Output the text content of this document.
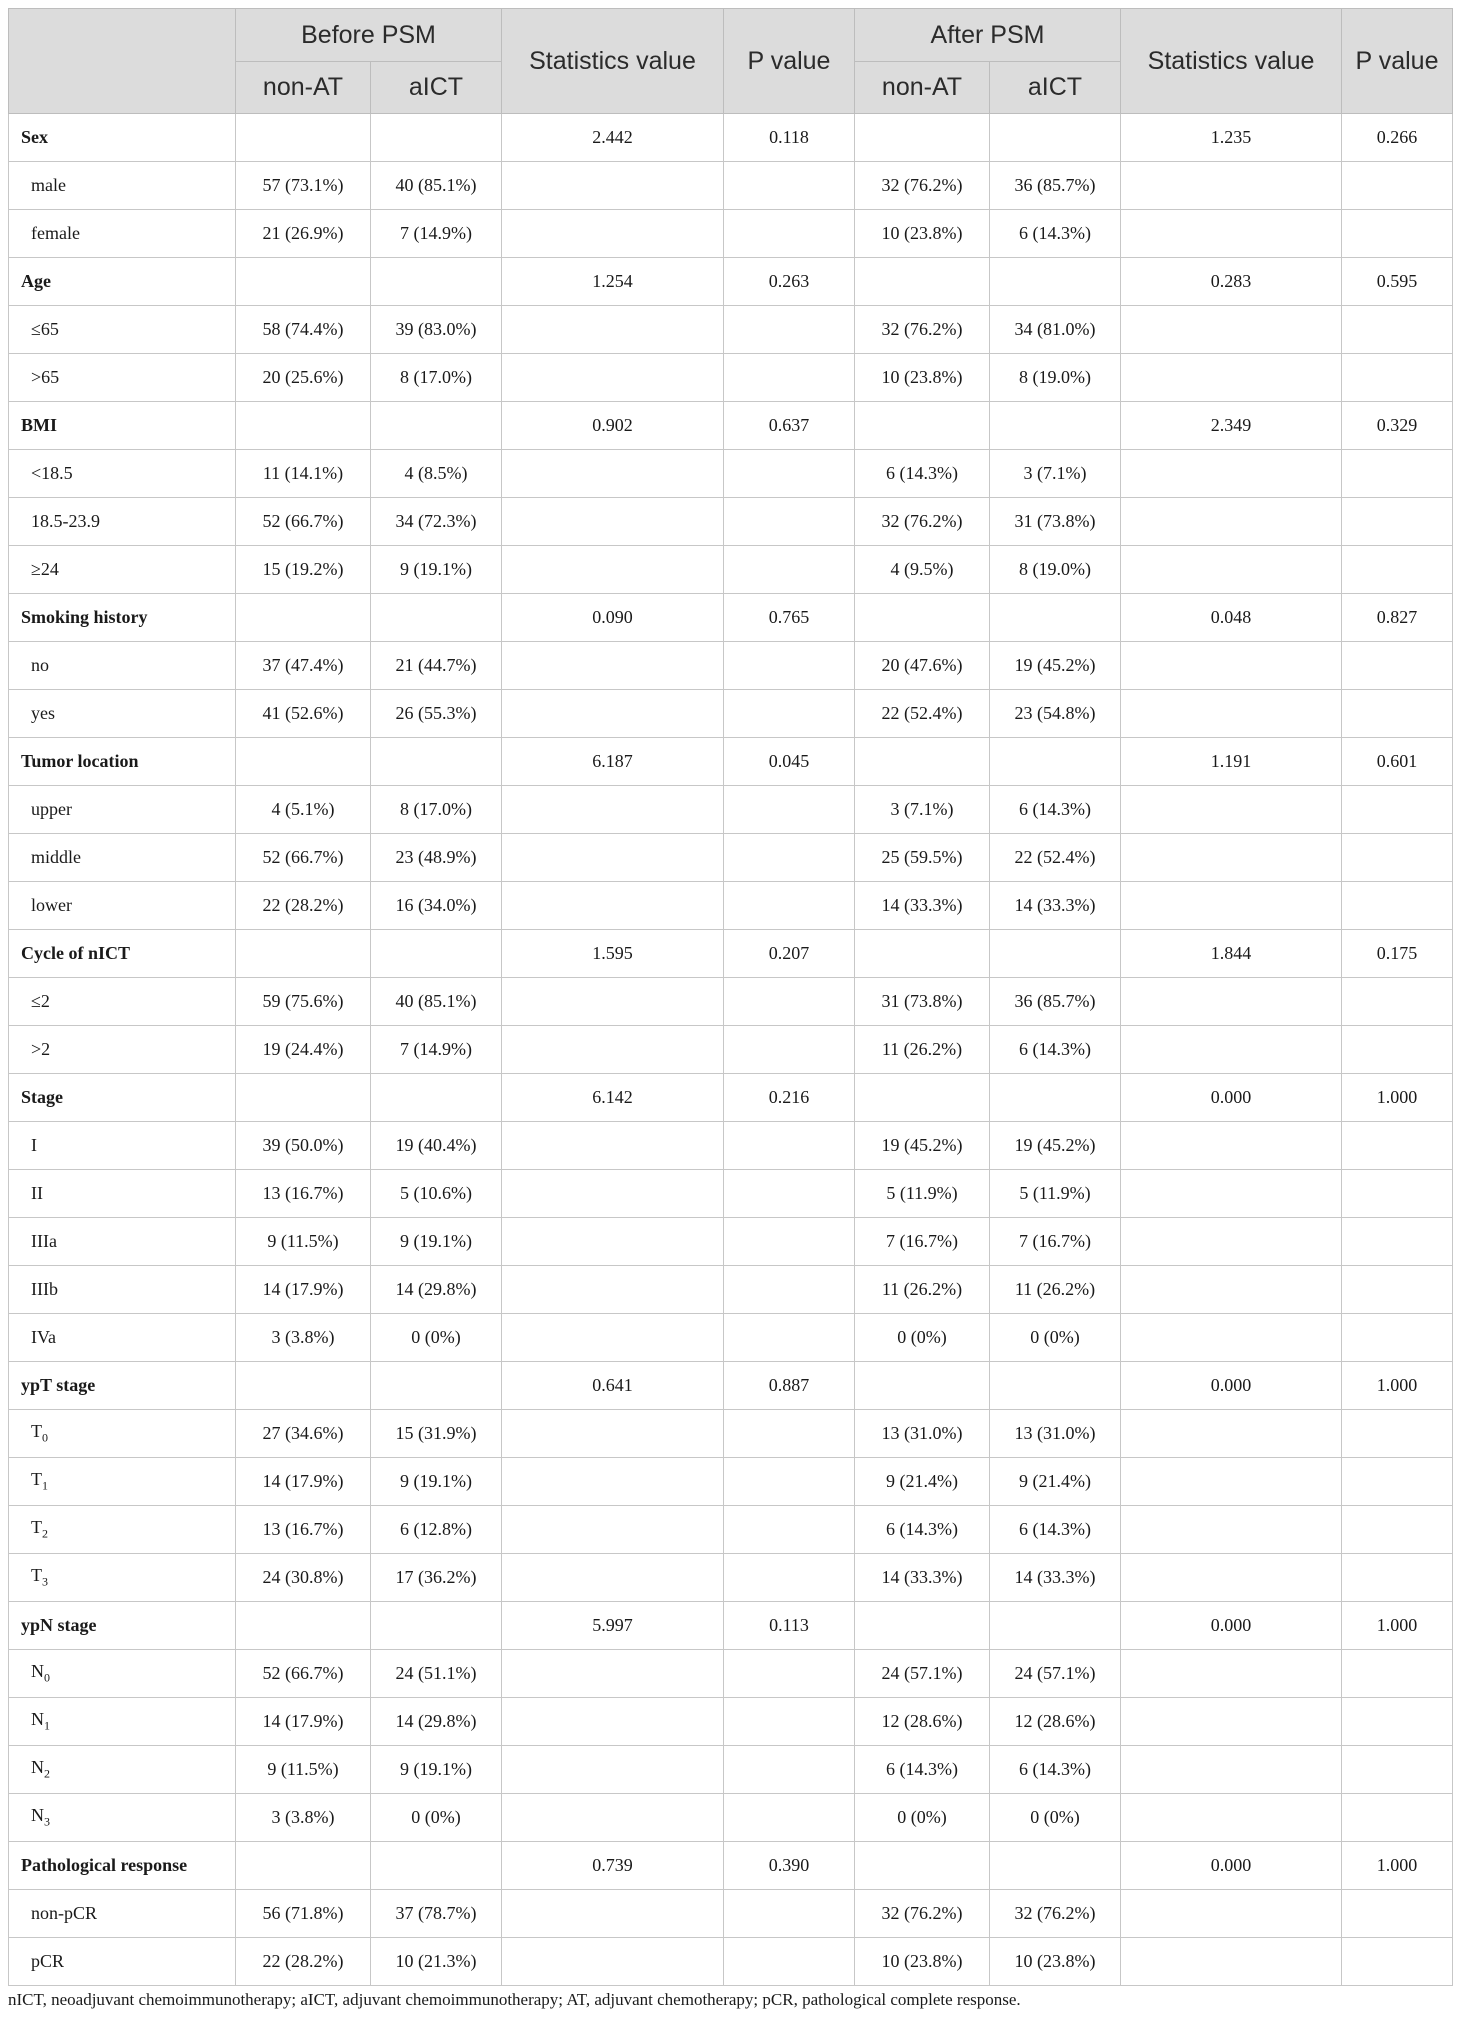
	Before PSM		Statistics value	P value	After PSM		Statistics value	P value
	non-AT	aICT			non-AT	aICT		
Sex			2.442	0.118			1.235	0.266
male	57 (73.1%)	40 (85.1%)			32 (76.2%)	36 (85.7%)		
female	21 (26.9%)	7 (14.9%)			10 (23.8%)	6 (14.3%)		
Age			1.254	0.263			0.283	0.595
≤65	58 (74.4%)	39 (83.0%)			32 (76.2%)	34 (81.0%)		
>65	20 (25.6%)	8 (17.0%)			10 (23.8%)	8 (19.0%)		
BMI			0.902	0.637			2.349	0.329
<18.5	11 (14.1%)	4 (8.5%)			6 (14.3%)	3 (7.1%)		
18.5-23.9	52 (66.7%)	34 (72.3%)			32 (76.2%)	31 (73.8%)		
≥24	15 (19.2%)	9 (19.1%)			4 (9.5%)	8 (19.0%)		
Smoking history			0.090	0.765			0.048	0.827
no	37 (47.4%)	21 (44.7%)			20 (47.6%)	19 (45.2%)		
yes	41 (52.6%)	26 (55.3%)			22 (52.4%)	23 (54.8%)		
Tumor location			6.187	0.045			1.191	0.601
upper	4 (5.1%)	8 (17.0%)			3 (7.1%)	6 (14.3%)		
middle	52 (66.7%)	23 (48.9%)			25 (59.5%)	22 (52.4%)		
lower	22 (28.2%)	16 (34.0%)			14 (33.3%)	14 (33.3%)		
Cycle of nICT			1.595	0.207			1.844	0.175
≤2	59 (75.6%)	40 (85.1%)			31 (73.8%)	36 (85.7%)		
>2	19 (24.4%)	7 (14.9%)			11 (26.2%)	6 (14.3%)		
Stage			6.142	0.216			0.000	1.000
I	39 (50.0%)	19 (40.4%)			19 (45.2%)	19 (45.2%)		
II	13 (16.7%)	5 (10.6%)			5 (11.9%)	5 (11.9%)		
IIIa	9 (11.5%)	9 (19.1%)			7 (16.7%)	7 (16.7%)		
IIIb	14 (17.9%)	14 (29.8%)			11 (26.2%)	11 (26.2%)		
IVa	3 (3.8%)	0 (0%)			0 (0%)	0 (0%)		
ypT stage			0.641	0.887			0.000	1.000
$T_0$	27 (34.6%)	15 (31.9%)			13 (31.0%)	13 (31.0%)		
$T_1$	14 (17.9%)	9 (19.1%)			9 (21.4%)	9 (21.4%)		
$T_2$	13 (16.7%)	6 (12.8%)			6 (14.3%)	6 (14.3%)		
$T_3$	24 (30.8%)	17 (36.2%)			14 (33.3%)	14 (33.3%)		
ypN stage			5.997	0.113			0.000	1.000
$N_0$	52 (66.7%)	24 (51.1%)			24 (57.1%)	24 (57.1%)		
$N_1$	14 (17.9%)	14 (29.8%)			12 (28.6%)	12 (28.6%)		
$N_2$	9 (11.5%)	9 (19.1%)			6 (14.3%)	6 (14.3%)		
$N_3$	3 (3.8%)	0 (0%)			0 (0%)	0 (0%)		
Pathological response			0.739	0.390			0.000	1.000
non-pCR	56 (71.8%)	37 (78.7%)			32 (76.2%)	32 (76.2%)		
pCR	22 (28.2%)	10 (21.3%)			10 (23.8%)	10 (23.8%)		
nICT, neoadjuvant chemoimmunotherapy; aICT, adjuvant chemoimmunotherapy; AT, adjuvant chemotherapy; pCR, pathological complete response.
